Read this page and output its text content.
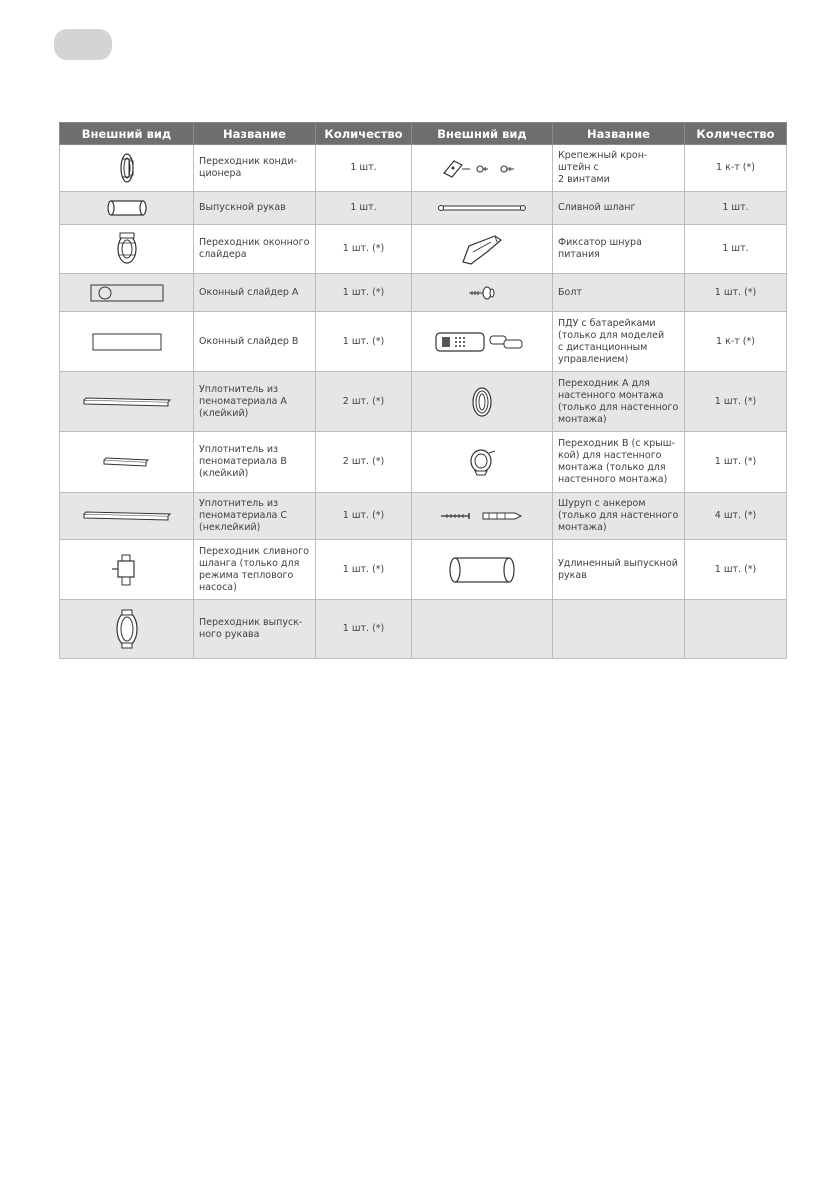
Внешний вид	Название	Количество	Внешний вид	Название	Количество

Переходник конди-
ционера	1 шт.		Крепежный крон-
штейн с
2 винтами	1 к-т (*)

Выпускной рукав	1 шт.		Сливной шланг	1 шт.

Переходник оконного
слайдера	1 шт. (*)		Фиксатор шнура
питания	1 шт.

Оконный слайдер A	1 шт. (*)		Болт	1 шт. (*)

Оконный слайдер B	1 шт. (*)		ПДУ с батарейками
(только для моделей
с дистанционным
управлением)	1 к-т (*)

Уплотнитель из
пеноматериала A
(клейкий)	2 шт. (*)		Переходник A для
настенного монтажа
(только для настенного
монтажа)	1 шт. (*)

Уплотнитель из
пеноматериала B
(клейкий)	2 шт. (*)		Переходник B (с крыш-
кой) для настенного
монтажа (только для
настенного монтажа)	1 шт. (*)

Уплотнитель из
пеноматериала C
(неклейкий)	1 шт. (*)		Шуруп с анкером
(только для настенного
монтажа)	4 шт. (*)

Переходник сливного
шланга (только для
режима теплового
насоса)	1 шт. (*)		Удлиненный выпускной
рукав	1 шт. (*)

Переходник выпуск-
ного рукава	1 шт. (*)			
